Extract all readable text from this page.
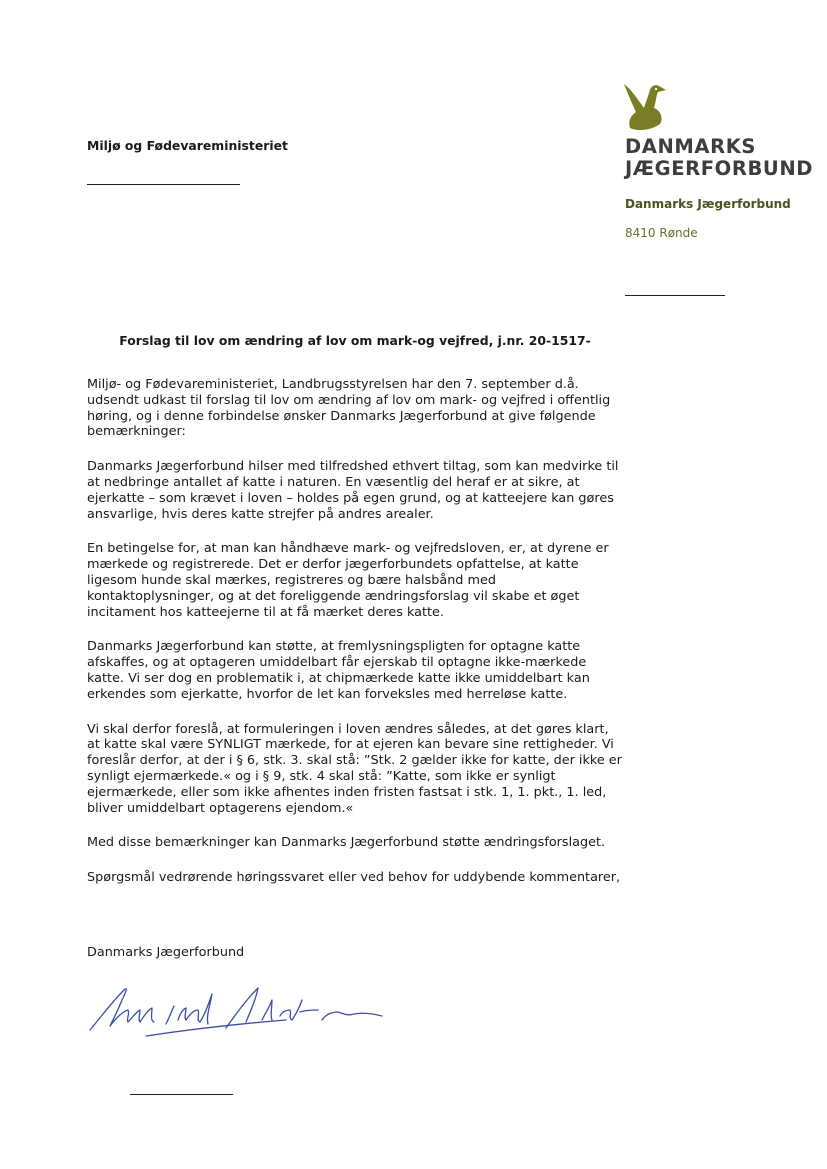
Miljø og Fødevareministeriet	DANMARKS
JÆGERFORBUND
Danmarks Jægerforbund
8410 Rønde
Forslag til lov om ændring af lov om mark-og vejfred, j.nr. 20-1517-

Miljø- og Fødevareministeriet, Landbrugsstyrelsen har den 7. september d.å. udsendt udkast til forslag til lov om ændring af lov om mark- og vejfred i offentlig høring, og i denne forbindelse ønsker Danmarks Jægerforbund at give følgende bemærkninger:

Danmarks Jægerforbund hilser med tilfredshed ethvert tiltag, som kan medvirke til at nedbringe antallet af katte i naturen. En væsentlig del heraf er at sikre, at ejerkatte – som krævet i loven – holdes på egen grund, og at katteejere kan gøres ansvarlige, hvis deres katte strejfer på andres arealer.

En betingelse for, at man kan håndhæve mark- og vejfredsloven, er, at dyrene er mærkede og registrerede. Det er derfor jægerforbundets opfattelse, at katte ligesom hunde skal mærkes, registreres og bære halsbånd med kontaktoplysninger, og at det foreliggende ændringsforslag vil skabe et øget incitament hos katteejerne til at få mærket deres katte.

Danmarks Jægerforbund kan støtte, at fremlysningspligten for optagne katte afskaffes, og at optageren umiddelbart får ejerskab til optagne ikke-mærkede katte. Vi ser dog en problematik i, at chipmærkede katte ikke umiddelbart kan erkendes som ejerkatte, hvorfor de let kan forveksles med herreløse katte.

Vi skal derfor foreslå, at formuleringen i loven ændres således, at det gøres klart, at katte skal være SYNLIGT mærkede, for at ejeren kan bevare sine rettigheder. Vi foreslår derfor, at der i § 6, stk. 3. skal stå: ”Stk. 2 gælder ikke for katte, der ikke er synligt ejermærkede.« og i § 9, stk. 4 skal stå: ”Katte, som ikke er synligt ejermærkede, eller som ikke afhentes inden fristen fastsat i stk. 1, 1. pkt., 1. led, bliver umiddelbart optagerens ejendom.«

Med disse bemærkninger kan Danmarks Jægerforbund støtte ændringsforslaget.

Spørgsmål vedrørende høringssvaret eller ved behov for uddybende kommentarer,

Danmarks Jægerforbund
